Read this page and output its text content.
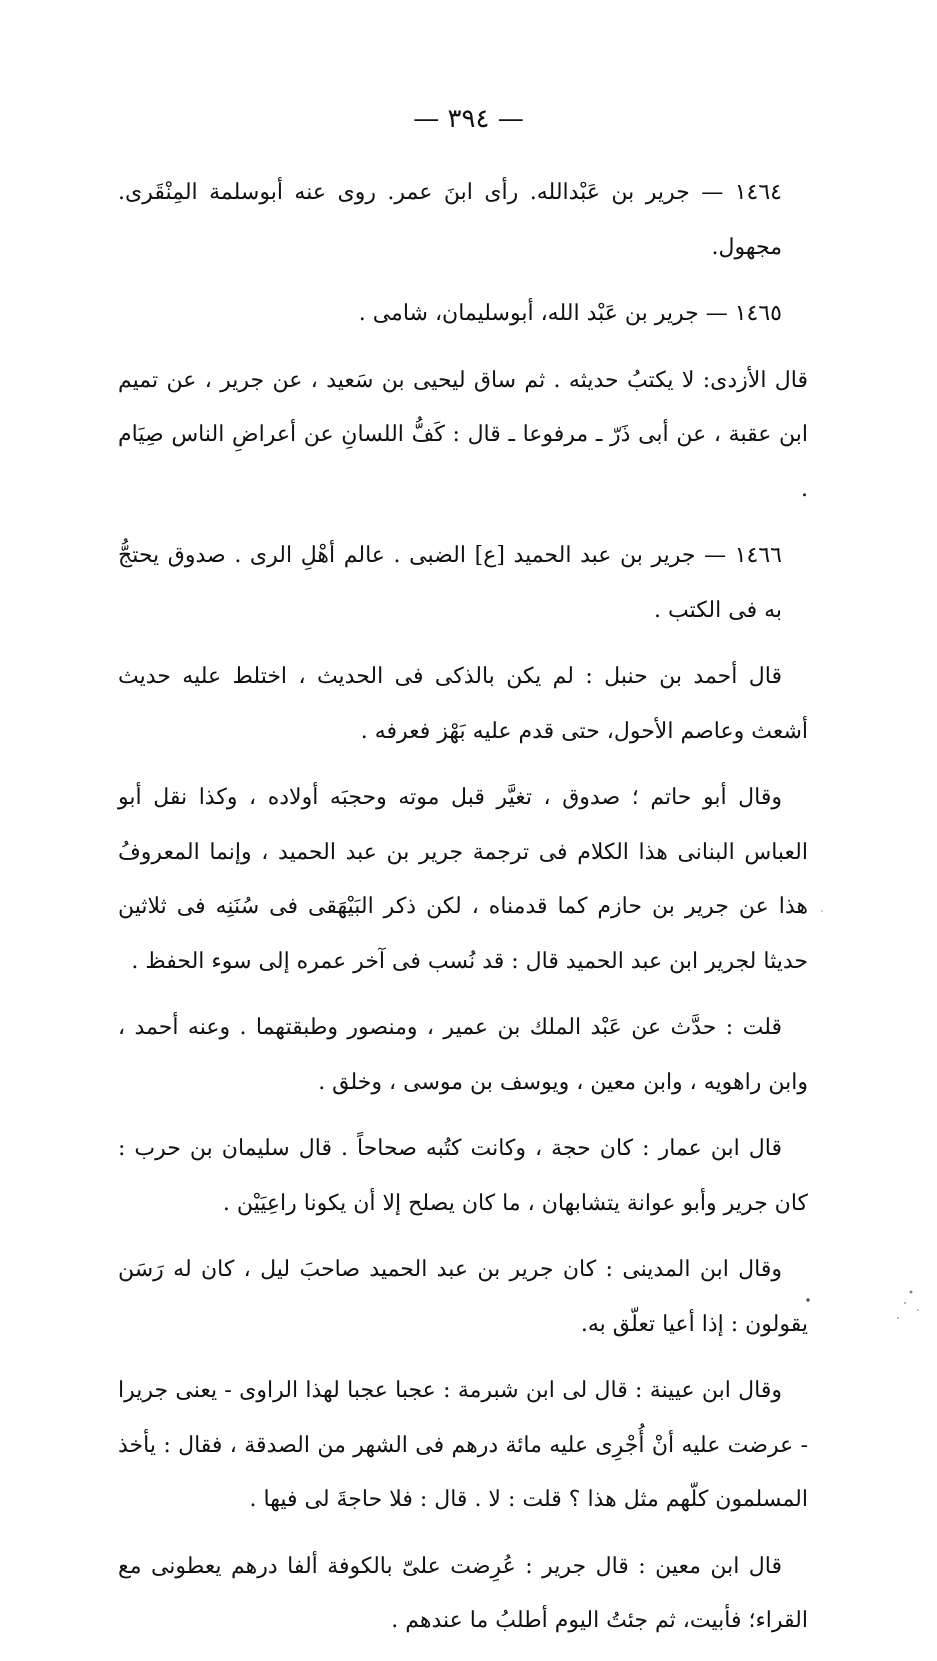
— ٣٩٤ —

١٤٦٤ — جرير بن عَبْدالله. رأى ابنَ عمر. روى عنه أبوسلمة المِنْقَرى. مجهول.

١٤٦٥ — جرير بن عَبْد الله، أبوسليمان، شامى .

قال الأزدى: لا يكتبُ حديثه . ثم ساق ليحيى بن سَعيد ، عن جرير ، عن تميم ابن عقبة ، عن أبى ذَرّ ـ مرفوعا ـ قال : كَفُّ اللسانِ عن أعراضِ الناس صِيَام .

١٤٦٦ — جرير بن عبد الحميد [ع] الضبى . عالم أهْلِ الرى . صدوق يحتجُّ به فى الكتب .

قال أحمد بن حنبل : لم يكن بالذكى فى الحديث ، اختلط عليه حديث أشعث وعاصم الأحول، حتى قدم عليه بَهْز فعرفه .

وقال أبو حاتم ؛ صدوق ، تغيَّر قبل موته وحجبَه أولاده ، وكذا نقل أبو العباس البنانى هذا الكلام فى ترجمة جرير بن عبد الحميد ، وإنما المعروفُ هذا عن جرير بن حازم كما قدمناه ، لكن ذكر البَيْهَقى فى سُنَنِه فى ثلاثين حديثا لجرير ابن عبد الحميد قال : قد نُسب فى آخر عمره إلى سوء الحفظ .

قلت : حدَّث عن عَبْد الملك بن عمير ، ومنصور وطبقتهما . وعنه أحمد ، وابن راهويه ، وابن معين ، ويوسف بن موسى ، وخلق .

قال ابن عمار : كان حجة ، وكانت كتُبه صحاحاً . قال سليمان بن حرب : كان جرير وأبو عوانة يتشابهان ، ما كان يصلح إلا أن يكونا راعِيَيْن .

وقال ابن المدينى : كان جرير بن عبد الحميد صاحبَ ليل ، كان له رَسَن يقولون : إذا أعيا تعلّق به.

وقال ابن عيينة : قال لى ابن شبرمة : عجبا عجبا لهذا الراوى - يعنى جريرا - عرضت عليه أنْ أُجْرِى عليه مائة درهم فى الشهر من الصدقة ، فقال : يأخذ المسلمون كلّهم مثل هذا ؟ قلت : لا . قال : فلا حاجةَ لى فيها .

قال ابن معين : قال جرير : عُرِضت علىّ بالكوفة ألفا درهم يعطونى مع القراء؛ فأبيت، ثم جئتُ اليوم أطلبُ ما عندهم .
